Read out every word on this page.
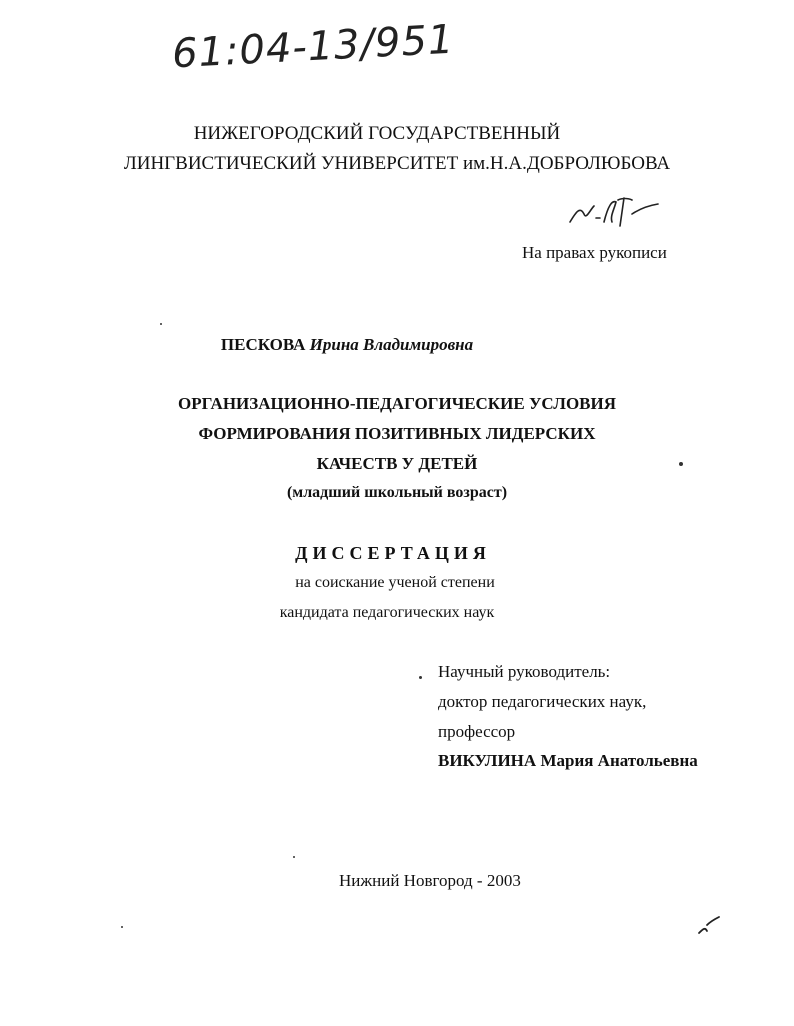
61:04-13/951
НИЖЕГОРОДСКИЙ ГОСУДАРСТВЕННЫЙ
ЛИНГВИСТИЧЕСКИЙ УНИВЕРСИТЕТ им.Н.А.ДОБРОЛЮБОВА
На правах рукописи
ПЕСКОВА Ирина Владимировна
ОРГАНИЗАЦИОННО-ПЕДАГОГИЧЕСКИЕ УСЛОВИЯ
ФОРМИРОВАНИЯ ПОЗИТИВНЫХ ЛИДЕРСКИХ
КАЧЕСТВ У ДЕТЕЙ
(младший школьный возраст)
ДИССЕРТАЦИЯ
на соискание ученой степени
кандидата педагогических наук
Научный руководитель:
доктор педагогических наук,
профессор
ВИКУЛИНА Мария Анатольевна
Нижний Новгород - 2003
